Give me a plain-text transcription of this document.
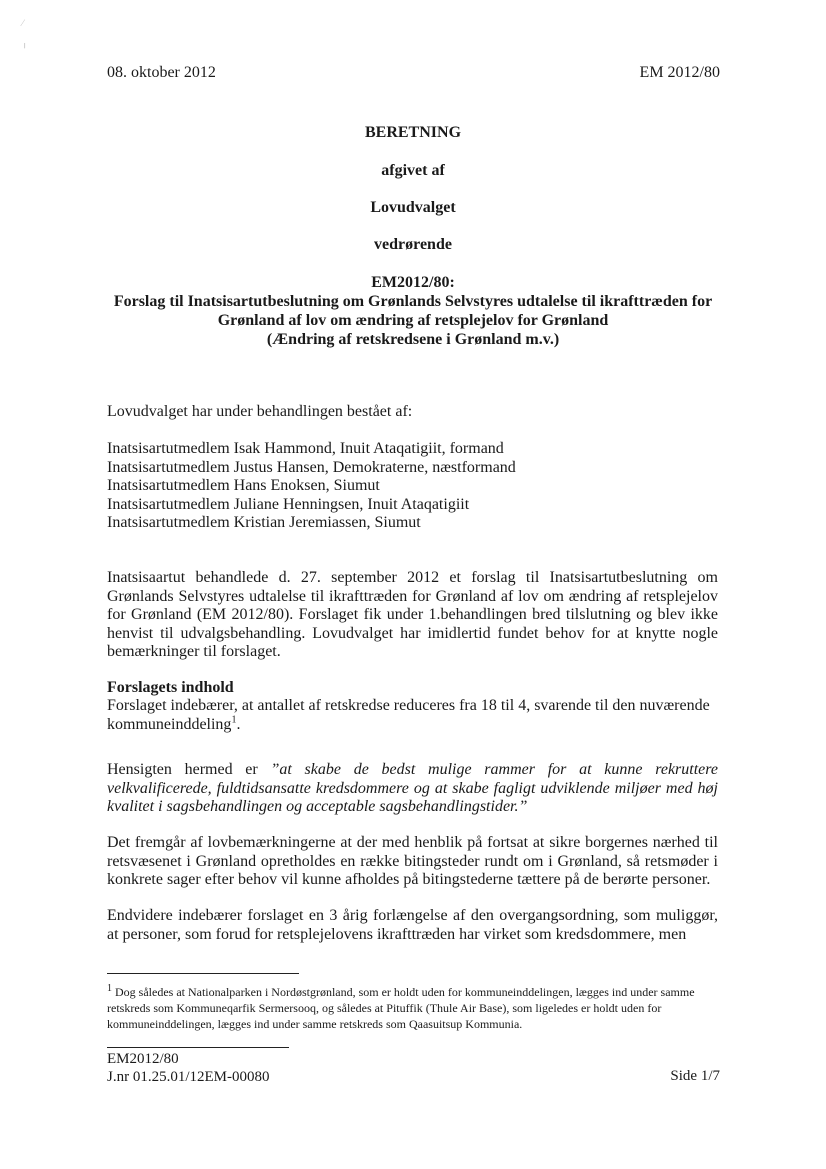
⁄

╷
08. oktober 2012	EM 2012/80
BERETNING
afgivet af
Lovudvalget
vedrørende
EM2012/80:
Forslag til Inatsisartutbeslutning om Grønlands Selvstyres udtalelse til ikrafttræden for
Grønland af lov om ændring af retsplejelov for Grønland
(Ændring af retskredsene i Grønland m.v.)
Lovudvalget har under behandlingen bestået af:
Inatsisartutmedlem Isak Hammond, Inuit Ataqatigiit, formand
Inatsisartutmedlem Justus Hansen, Demokraterne, næstformand
Inatsisartutmedlem Hans Enoksen, Siumut
Inatsisartutmedlem Juliane Henningsen, Inuit Ataqatigiit
Inatsisartutmedlem Kristian Jeremiassen, Siumut
Inatsisaartut behandlede d. 27. september 2012 et forslag til Inatsisartutbeslutning om Grønlands Selvstyres udtalelse til ikrafttræden for Grønland af lov om ændring af retsplejelov for Grønland (EM 2012/80). Forslaget fik under 1.behandlingen bred tilslutning og blev ikke henvist til udvalgsbehandling. Lovudvalget har imidlertid fundet behov for at knytte nogle bemærkninger til forslaget.
Forslagets indhold
Forslaget indebærer, at antallet af retskredse reduceres fra 18 til 4, svarende til den nuværende kommuneinddeling$^1$.
Hensigten hermed er ”at skabe de bedst mulige rammer for at kunne rekruttere velkvalificerede, fuldtidsansatte kredsdommere og at skabe fagligt udviklende miljøer med høj kvalitet i sagsbehandlingen og acceptable sagsbehandlingstider.”
Det fremgår af lovbemærkningerne at der med henblik på fortsat at sikre borgernes nærhed til retsvæsenet i Grønland opretholdes en række bitingsteder rundt om i Grønland, så retsmøder i konkrete sager efter behov vil kunne afholdes på bitingstederne tættere på de berørte personer.
Endvidere indebærer forslaget en 3 årig forlængelse af den overgangsordning, som muliggør, at personer, som forud for retsplejelovens ikrafttræden har virket som kredsdommere, men
$^1$ Dog således at Nationalparken i Nordøstgrønland, som er holdt uden for kommuneinddelingen, lægges ind under samme retskreds som Kommuneqarfik Sermersooq, og således at Pituffik (Thule Air Base), som ligeledes er holdt uden for kommuneinddelingen, lægges ind under samme retskreds som Qaasuitsup Kommunia.
EM2012/80
J.nr 01.25.01/12EM-00080	Side 1/7
